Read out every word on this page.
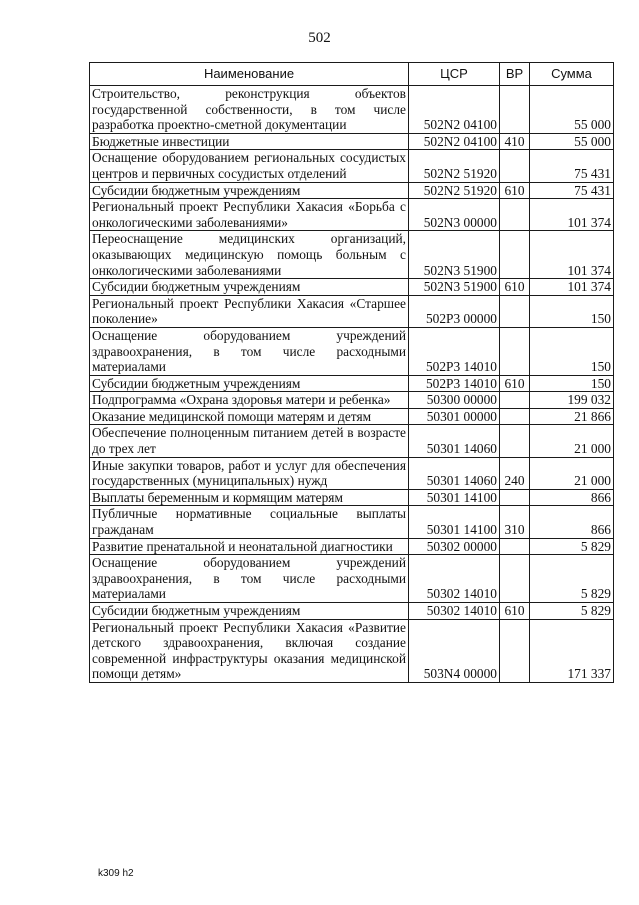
502
Наименование	ЦСР	ВР	Сумма
Строительство, реконструкция объектов государственной собственности, в том числе разработка проектно-сметной документации	502N2 04100		55 000
Бюджетные инвестиции	502N2 04100	410	55 000
Оснащение оборудованием региональных сосудистых центров и первичных сосудистых отделений	502N2 51920		75 431
Субсидии бюджетным учреждениям	502N2 51920	610	75 431
Региональный проект Республики Хакасия «Борьба с онкологическими заболеваниями»	502N3 00000		101 374
Переоснащение медицинских организаций, оказывающих медицинскую помощь больным с онкологическими заболеваниями	502N3 51900		101 374
Субсидии бюджетным учреждениям	502N3 51900	610	101 374
Региональный проект Республики Хакасия «Старшее поколение»	502P3 00000		150
Оснащение оборудованием учреждений здравоохранения, в том числе расходными материалами	502P3 14010		150
Субсидии бюджетным учреждениям	502P3 14010	610	150
Подпрограмма «Охрана здоровья матери и ребенка»	50300 00000		199 032
Оказание медицинской помощи матерям и детям	50301 00000		21 866
Обеспечение полноценным питанием детей в возрасте до трех лет	50301 14060		21 000
Иные закупки товаров, работ и услуг для обеспечения государственных (муниципальных) нужд	50301 14060	240	21 000
Выплаты беременным и кормящим матерям	50301 14100		866
Публичные нормативные социальные выплаты гражданам	50301 14100	310	866
Развитие пренатальной и неонатальной диагностики	50302 00000		5 829
Оснащение оборудованием учреждений здравоохранения, в том числе расходными материалами	50302 14010		5 829
Субсидии бюджетным учреждениям	50302 14010	610	5 829
Региональный проект Республики Хакасия «Развитие детского здравоохранения, включая создание современной инфраструктуры оказания медицинской помощи детям»	503N4 00000		171 337
k309 h2
